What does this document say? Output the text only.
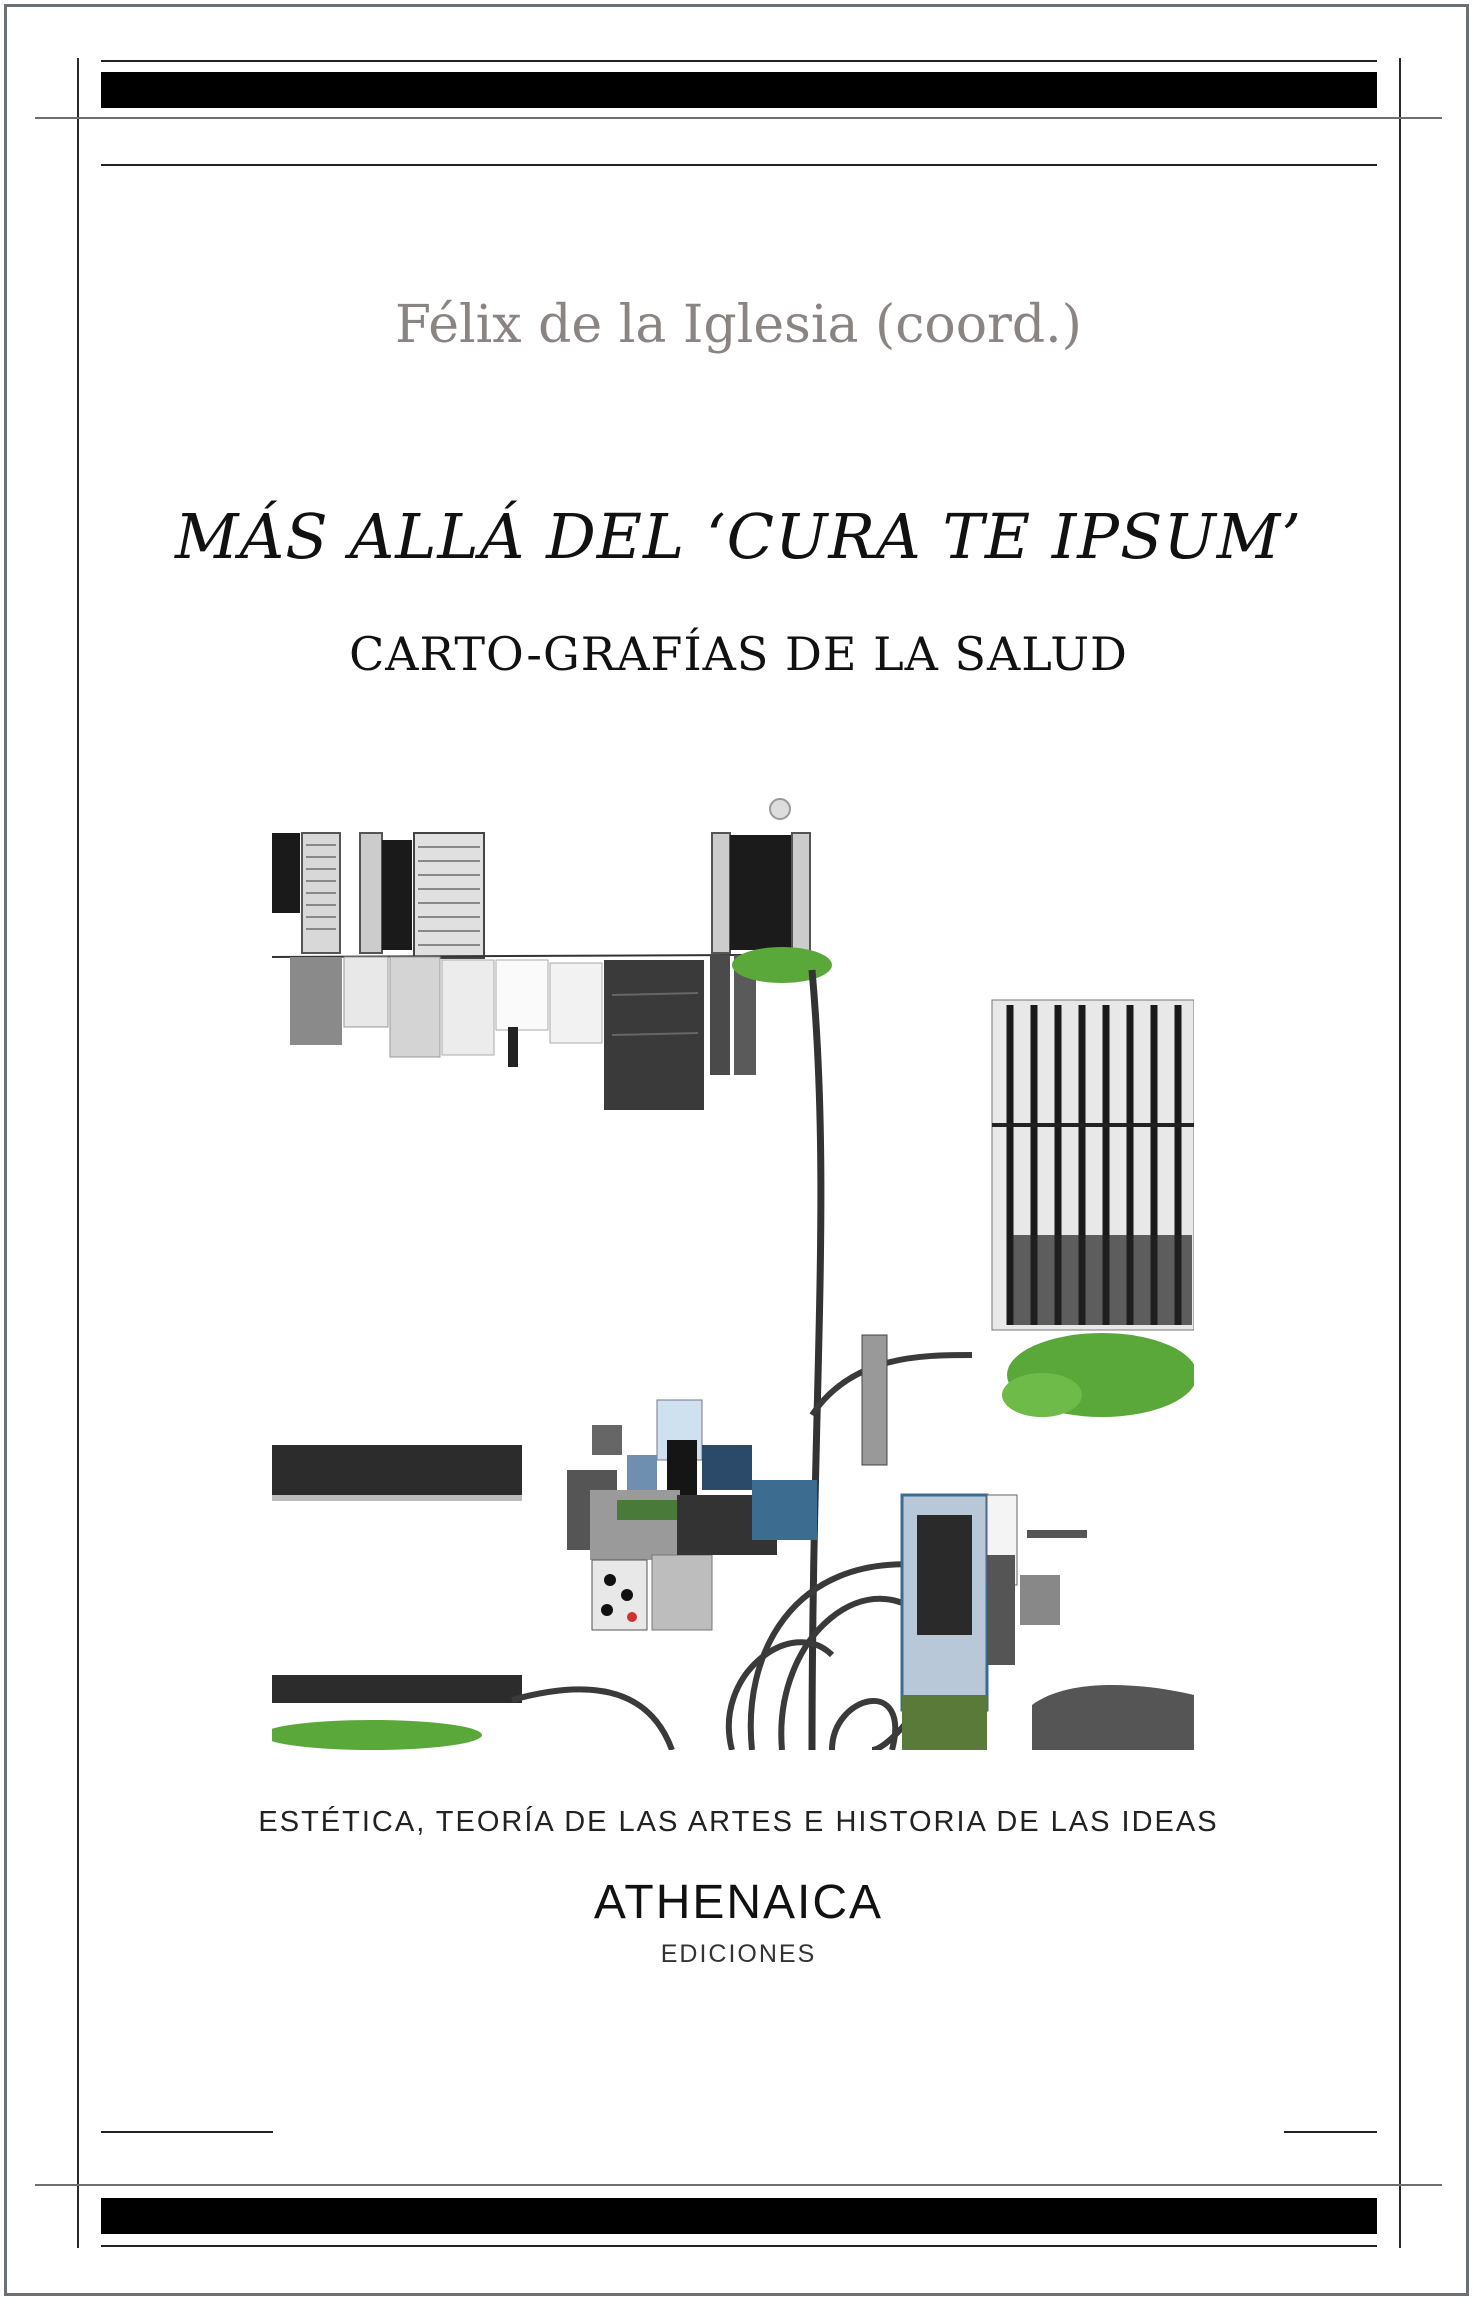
Félix de la Iglesia (coord.)
MÁS ALLÁ DEL ‘CURA TE IPSUM’
CARTO-GRAFÍAS DE LA SALUD
ESTÉTICA, TEORÍA DE LAS ARTES E HISTORIA DE LAS IDEAS
ATHENAICA
EDICIONES
